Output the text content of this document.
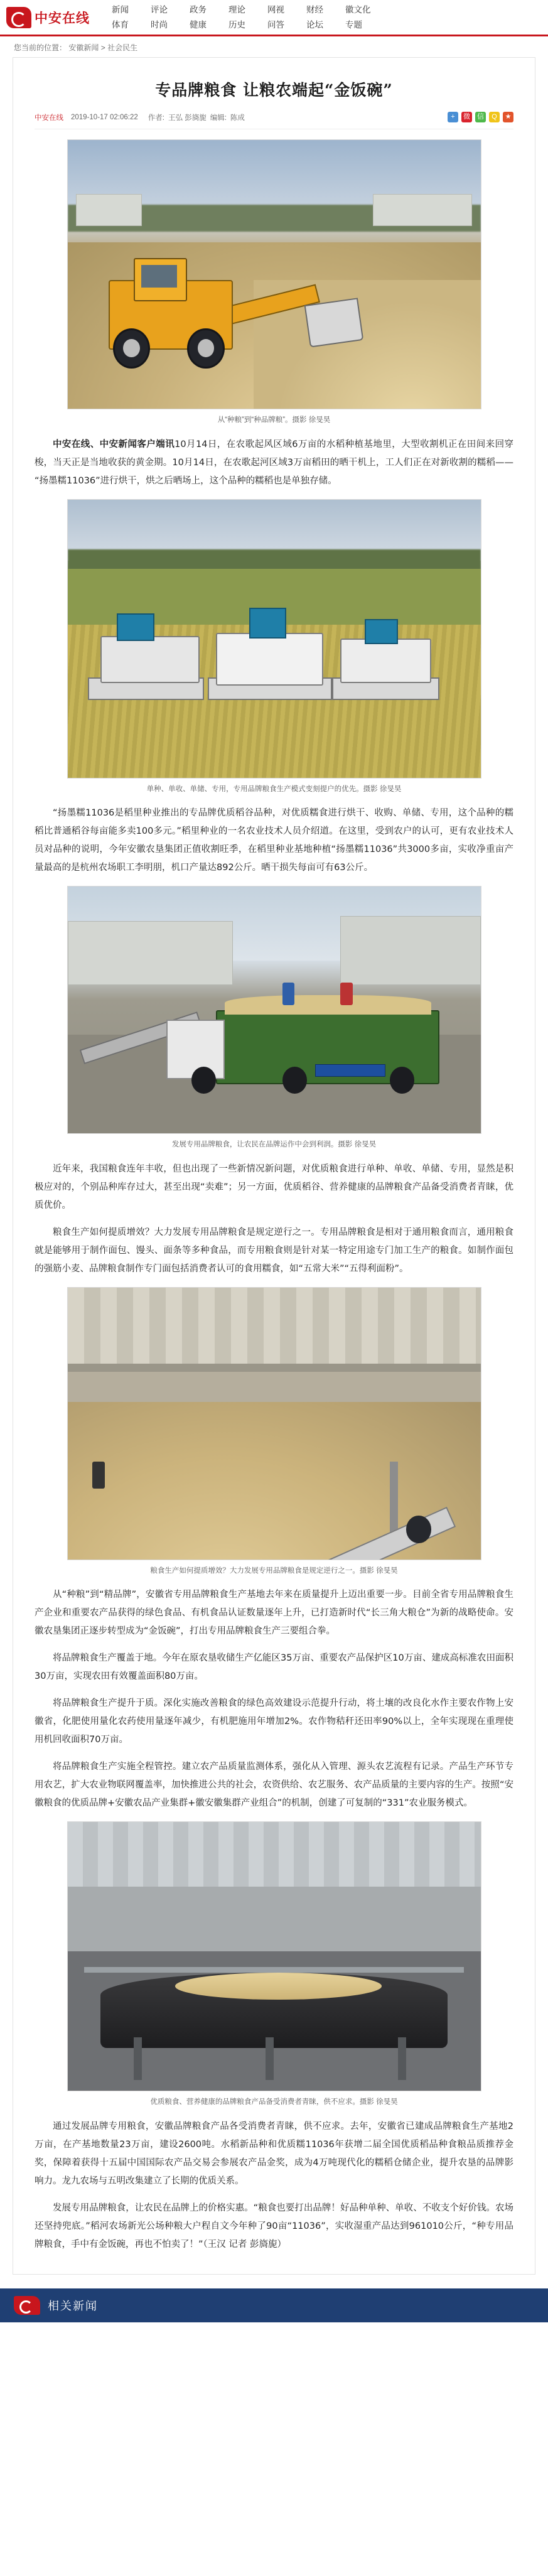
中安在线
新闻	评论	政务	理论	网视	财经	徽文化
体育	时尚	健康	历史	问答	论坛	专题
您当前的位置： 安徽新闻 > 社会民生
专品牌粮食 让粮农端起“金饭碗”
中安在线 2019-10-17 02:06:22 作者: 王弘 彭旖旎 编辑: 陈成	+	微 信	Q	★
从“种粮”到“种品牌粮”。摄影 徐旻昊

中安在线、中安新闻客户端讯10月14日，在农歌起风区域6万亩的水稻种植基地里，大型收割机正在田间来回穿梭，当天正是当地收获的黄金期。10月14日，在农歌起河区域3万亩稻田的晒干机上，工人们正在对新收割的糯稻——“扬墨糯11036”进行烘干，烘之后晒场上，这个品种的糯稻也是单独存储。

单种、单收、单储、专用，专用品牌粮食生产模式变刻提户的优先。摄影 徐旻昊

“扬墨糯11036是稻里种业推出的专品牌优质稻谷品种，对优质糯食进行烘干、收购、单储、专用，这个品种的糯稻比普通稻谷每亩能多卖100多元。”稻里种业的一名农业技术人员介绍道。在这里，受到农户的认可，更有农业技术人员对品种的说明，今年安徽农垦集团正值收割旺季，在稻里种业基地种植“扬墨糯11036”共3000多亩，实收净重亩产量最高的是杭州农场职工李明朋，机口产量达892公斤。晒干损失每亩可有63公斤。

发展专用品牌粮食，让农民在品牌运作中会到利润。摄影 徐旻昊

近年来，我国粮食连年丰收，但也出现了一些新情况新问题，对优质粮食进行单种、单收、单储、专用，显然是积极应对的，个别品种库存过大，甚至出现“卖难”；另一方面，优质稻谷、营养健康的品牌粮食产品备受消费者青睐，优质优价。

粮食生产如何提质增效？大力发展专用品牌粮食是规定逆行之一。专用品牌粮食是相对于通用粮食而言，通用粮食就是能够用于制作面包、馒头、面条等多种食品，而专用粮食则是针对某一特定用途专门加工生产的粮食。如制作面包的强筋小麦、品牌粮食制作专门面包括消费者认可的食用糯食，如“五常大米”“五得利面粉”。

粮食生产如何提质增效？大力发展专用品牌粮食是规定逆行之一。摄影 徐旻昊

从“种粮”到“精品牌”，安徽省专用品牌粮食生产基地去年来在质量提升上迈出重要一步。目前全省专用品牌粮食生产企业和重要农产品获得的绿色食品、有机食品认证数量逐年上升，已打造新时代“长三角大粮仓”为新的战略使命。安徽农垦集团正逐步转型成为“金饭碗”，打出专用品牌粮食生产三要组合拳。

将品牌粮食生产覆盖于地。今年在原农垦收储生产亿能区35万亩、重要农产品保护区10万亩、建成高标准农田面积30万亩，实现农田有效覆盖面积80万亩。

将品牌粮食生产提升于质。深化实施改善粮食的绿色高效建设示范提升行动，将土壤的改良化水作主要农作物上安徽省，化肥使用量化农药使用量逐年减少，有机肥施用年增加2%。农作物秸秆还田率90%以上，全年实现现在重理使用机回收面积70万亩。

将品牌粮食生产实施全程管控。建立农产品质量监测体系，强化从入管理、源头农艺流程有记录。产品生产环节专用农艺，扩大农业物联网覆盖率，加快推进公共的社会，农资供给、农艺服务、农产品质量的主要内容的生产。按照“安徽粮食的优质品牌+安徽农品产业集群+徽安徽集群产业组合”的机制，创建了可复制的“331”农业服务模式。

优质粮食、营养健康的品牌粮食产品备受消费者青睐，供不应求。摄影 徐旻昊

通过发展品牌专用粮食，安徽品牌粮食产品各受消费者青睐，供不应求。去年，安徽省已建成品牌粮食生产基地2万亩，在产基地数量23万亩，建设2600吨。水稻新品种和优质糯11036年获增二届全国优质稻品种食粮品质推荐金奖，保障着获得十五届中国国际农产品交易会参展农产品金奖，成为4万吨现代化的糯稻仓储企业，提升农垦的品牌影响力。龙九农场与五明改集建立了长期的优质关系。

发展专用品牌粮食，让农民在品牌上的价格实惠。“粮食也要打出品牌！好品种单种、单收、不收支个好价钱。农场还坚持兜底。”稻河农场新光公场种粮大户程自文今年种了90亩“11036”，实收湿重产品达到961010公斤，“种专用品牌粮食，手中有金饭碗，再也不怕卖了！”（王汉 记者 彭旖旎）

相关新闻
